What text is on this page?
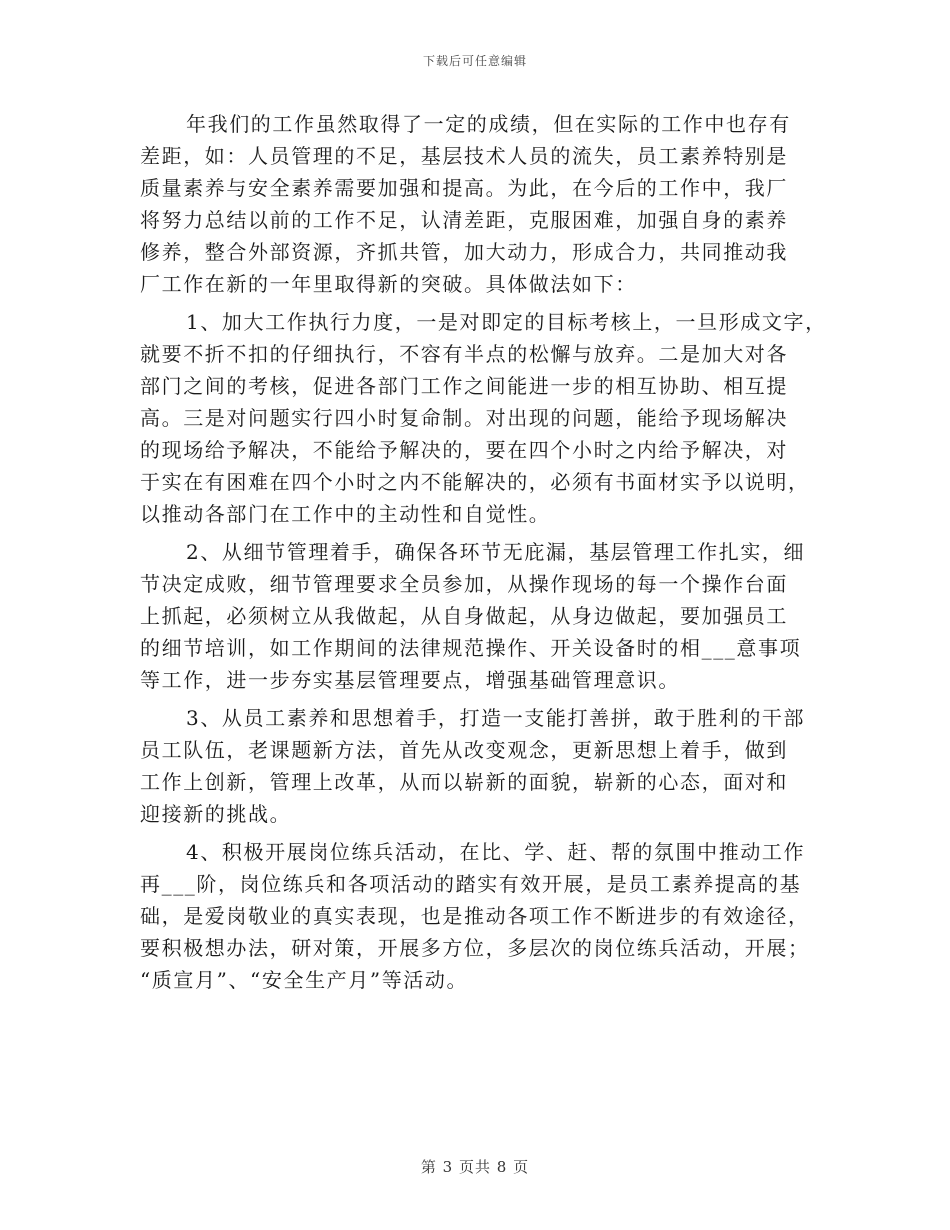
下载后可任意编辑
年我们的工作虽然取得了一定的成绩，但在实际的工作中也存有
差距，如：人员管理的不足，基层技术人员的流失，员工素养特别是
质量素养与安全素养需要加强和提高。为此，在今后的工作中，我厂
将努力总结以前的工作不足，认清差距，克服困难，加强自身的素养
修养，整合外部资源，齐抓共管，加大动力，形成合力，共同推动我
厂工作在新的一年里取得新的突破。具体做法如下：
1、加大工作执行力度，一是对即定的目标考核上，一旦形成文字，
就要不折不扣的仔细执行，不容有半点的松懈与放弃。二是加大对各
部门之间的考核，促进各部门工作之间能进一步的相互协助、相互提
高。三是对问题实行四小时复命制。对出现的问题，能给予现场解决
的现场给予解决，不能给予解决的，要在四个小时之内给予解决，对
于实在有困难在四个小时之内不能解决的，必须有书面材实予以说明，
以推动各部门在工作中的主动性和自觉性。
2、从细节管理着手，确保各环节无庇漏，基层管理工作扎实，细
节决定成败，细节管理要求全员参加，从操作现场的每一个操作台面
上抓起，必须树立从我做起，从自身做起，从身边做起，要加强员工
的细节培训，如工作期间的法律规范操作、开关设备时的相___意事项
等工作，进一步夯实基层管理要点，增强基础管理意识。
3、从员工素养和思想着手，打造一支能打善拼，敢于胜利的干部
员工队伍，老课题新方法，首先从改变观念，更新思想上着手，做到
工作上创新，管理上改革，从而以崭新的面貌，崭新的心态，面对和
迎接新的挑战。
4、积极开展岗位练兵活动，在比、学、赶、帮的氛围中推动工作
再___阶，岗位练兵和各项活动的踏实有效开展，是员工素养提高的基
础，是爱岗敬业的真实表现，也是推动各项工作不断进步的有效途径，
要积极想办法，研对策，开展多方位，多层次的岗位练兵活动，开展；
“质宣月”、“安全生产月”等活动。
第 3 页共 8 页
